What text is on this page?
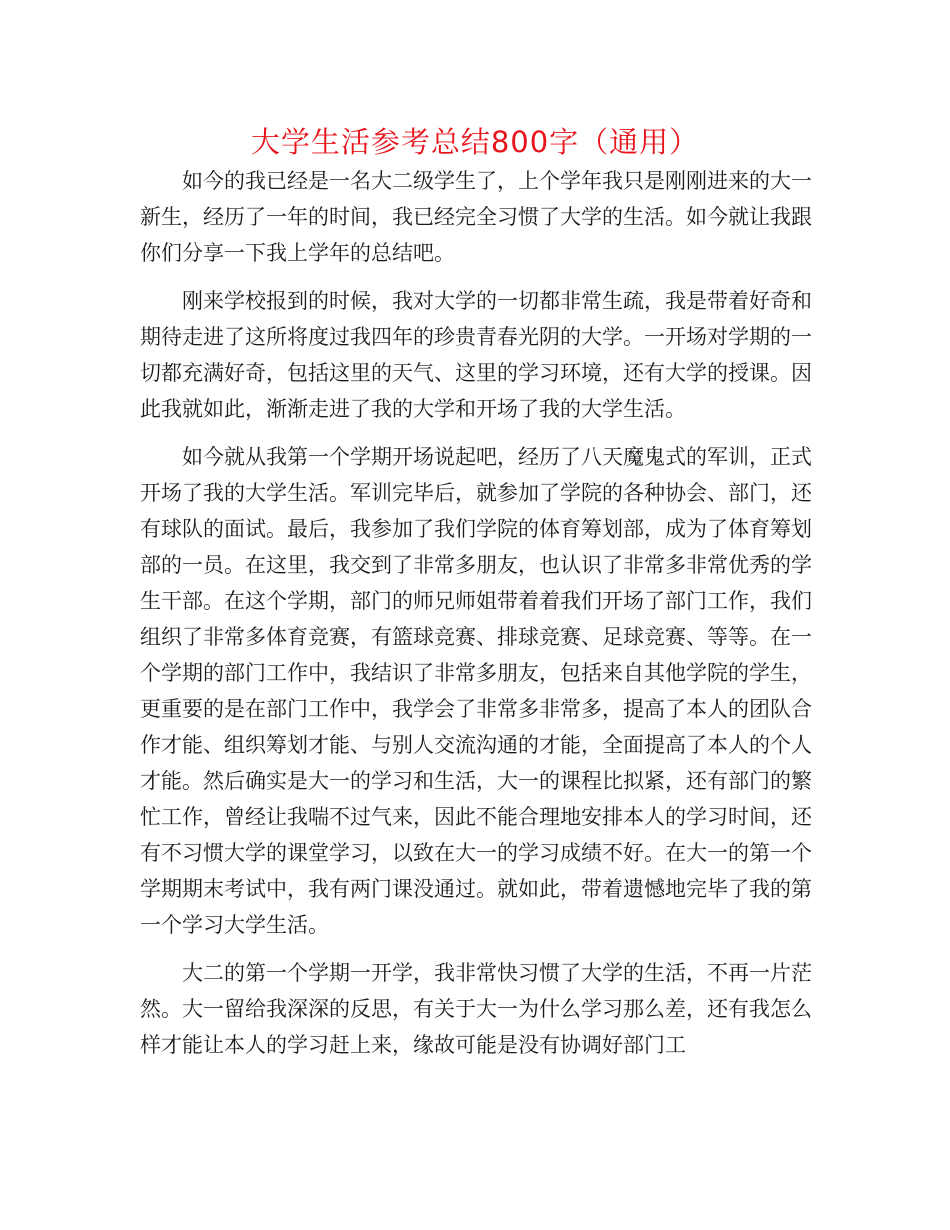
大学生活参考总结800字（通用）

如今的我已经是一名大二级学生了，上个学年我只是刚刚进来的大一新生，经历了一年的时间，我已经完全习惯了大学的生活。如今就让我跟你们分享一下我上学年的总结吧。

刚来学校报到的时候，我对大学的一切都非常生疏，我是带着好奇和期待走进了这所将度过我四年的珍贵青春光阴的大学。一开场对学期的一切都充满好奇，包括这里的天气、这里的学习环境，还有大学的授课。因此我就如此，渐渐走进了我的大学和开场了我的大学生活。

如今就从我第一个学期开场说起吧，经历了八天魔鬼式的军训，正式开场了我的大学生活。军训完毕后，就参加了学院的各种协会、部门，还有球队的面试。最后，我参加了我们学院的体育筹划部，成为了体育筹划部的一员。在这里，我交到了非常多朋友，也认识了非常多非常优秀的学生干部。在这个学期，部门的师兄师姐带着着我们开场了部门工作，我们组织了非常多体育竞赛，有篮球竞赛、排球竞赛、足球竞赛、等等。在一个学期的部门工作中，我结识了非常多朋友，包括来自其他学院的学生，更重要的是在部门工作中，我学会了非常多非常多，提高了本人的团队合作才能、组织筹划才能、与别人交流沟通的才能，全面提高了本人的个人才能。然后确实是大一的学习和生活，大一的课程比拟紧，还有部门的繁忙工作，曾经让我喘不过气来，因此不能合理地安排本人的学习时间，还有不习惯大学的课堂学习，以致在大一的学习成绩不好。在大一的第一个学期期末考试中，我有两门课没通过。就如此，带着遗憾地完毕了我的第一个学习大学生活。

大二的第一个学期一开学，我非常快习惯了大学的生活，不再一片茫然。大一留给我深深的反思，有关于大一为什么学习那么差，还有我怎么样才能让本人的学习赶上来，缘故可能是没有协调好部门工
